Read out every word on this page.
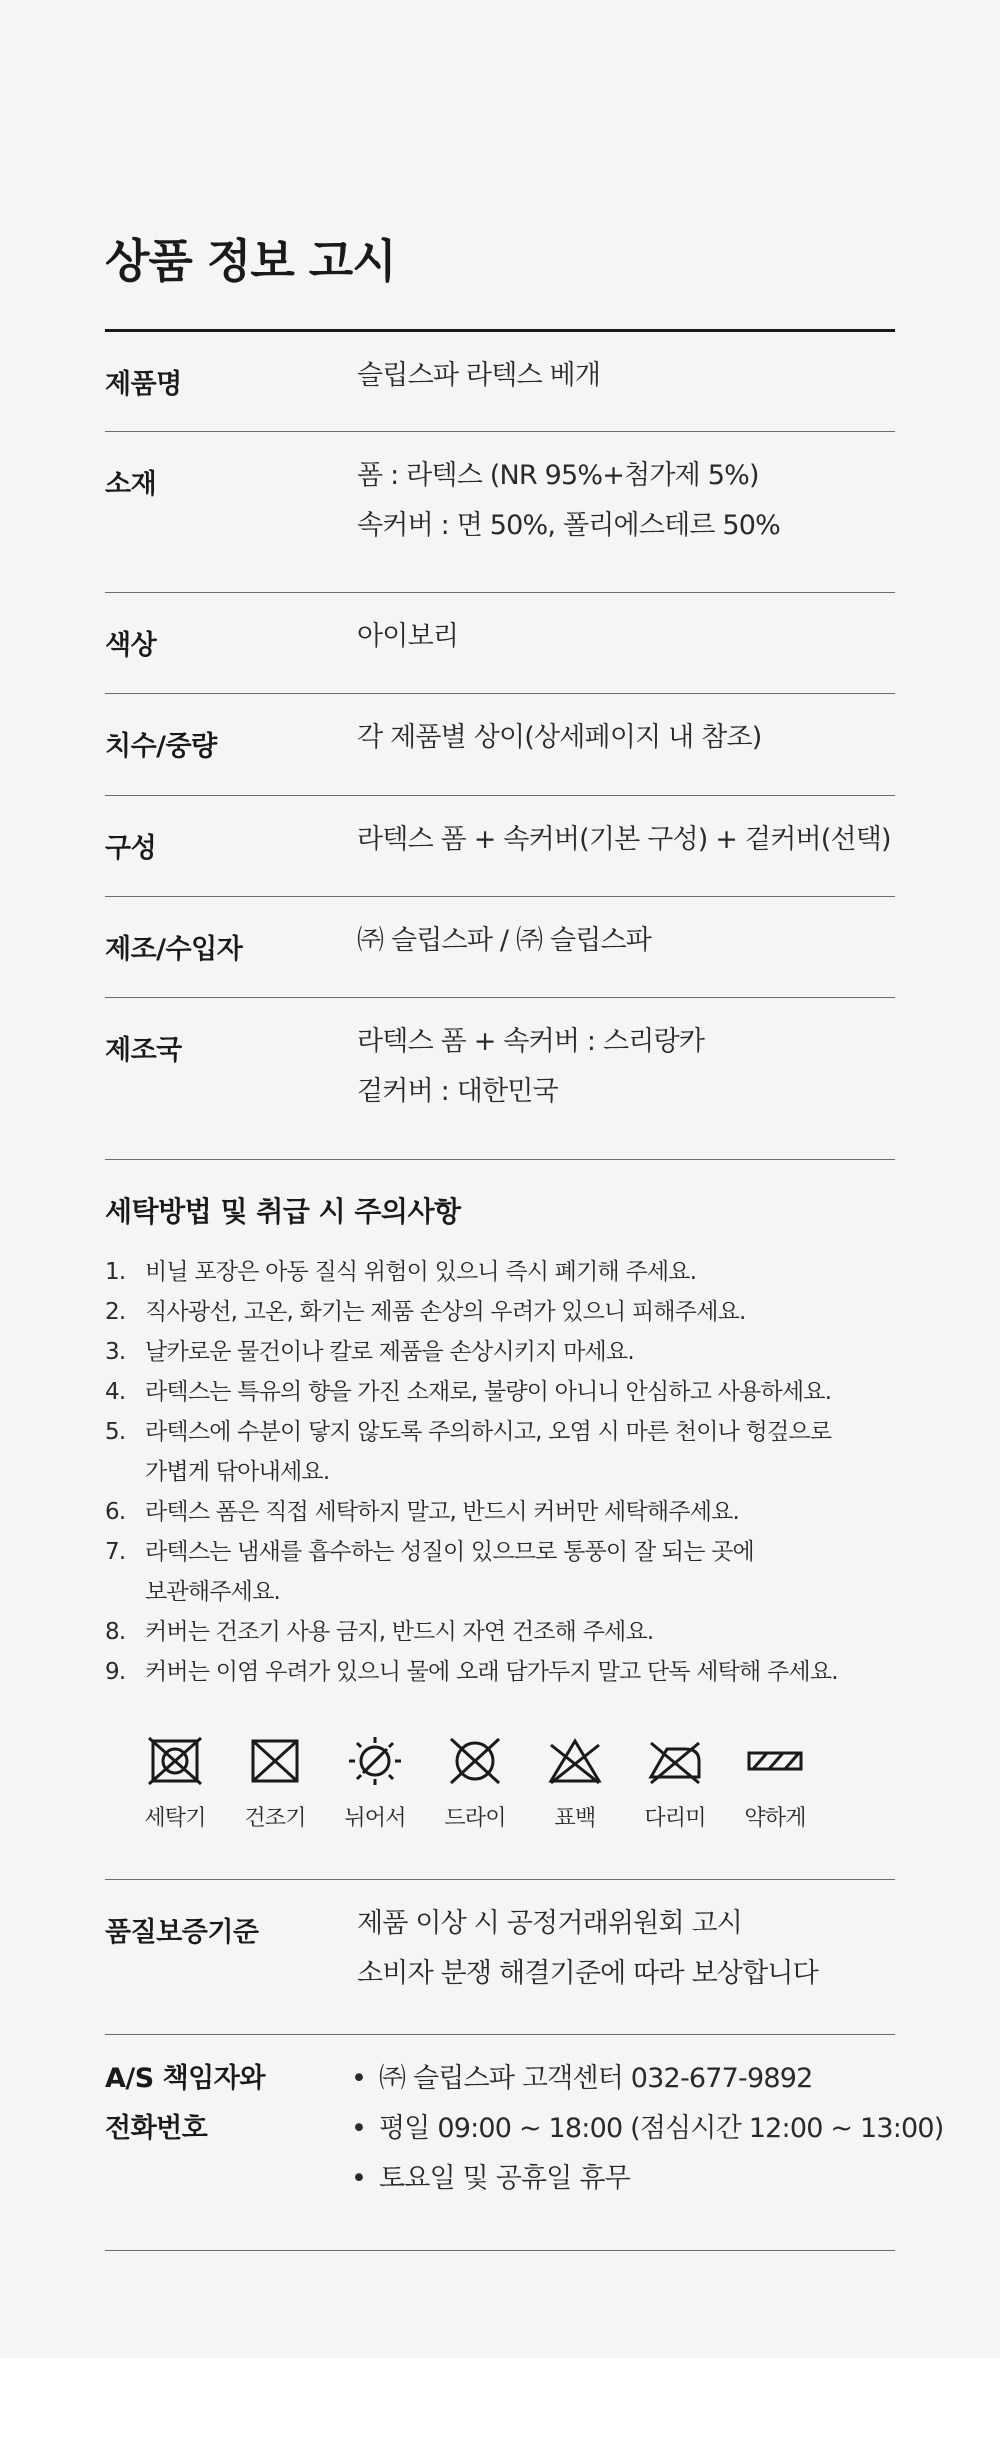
상품 정보 고시
제품명	슬립스파 라텍스 베개
소재	폼 : 라텍스 (NR 95%+첨가제 5%)
속커버 : 면 50%, 폴리에스테르 50%
색상	아이보리
치수/중량	각 제품별 상이(상세페이지 내 참조)
구성	라텍스 폼 + 속커버(기본 구성) + 겉커버(선택)
제조/수입자	㈜ 슬립스파 / ㈜ 슬립스파
제조국	라텍스 폼 + 속커버 : 스리랑카
겉커버 : 대한민국
세탁방법 및 취급 시 주의사항
1. 비닐 포장은 아동 질식 위험이 있으니 즉시 폐기해 주세요.
2. 직사광선, 고온, 화기는 제품 손상의 우려가 있으니 피해주세요.
3. 날카로운 물건이나 칼로 제품을 손상시키지 마세요.
4. 라텍스는 특유의 향을 가진 소재로, 불량이 아니니 안심하고 사용하세요.
5. 라텍스에 수분이 닿지 않도록 주의하시고, 오염 시 마른 천이나 헝겊으로
가볍게 닦아내세요.
6. 라텍스 폼은 직접 세탁하지 말고, 반드시 커버만 세탁해주세요.
7. 라텍스는 냄새를 흡수하는 성질이 있으므로 통풍이 잘 되는 곳에
보관해주세요.
8. 커버는 건조기 사용 금지, 반드시 자연 건조해 주세요.
9. 커버는 이염 우려가 있으니 물에 오래 담가두지 말고 단독 세탁해 주세요.
세탁기	건조기	뉘어서	드라이	표백	다리미	약하게
품질보증기준	제품 이상 시 공정거래위원회 고시
소비자 분쟁 해결기준에 따라 보상합니다
A/S 책임자와
전화번호
• ㈜ 슬립스파 고객센터 032-677-9892
• 평일 09:00 ~ 18:00 (점심시간 12:00 ~ 13:00)
• 토요일 및 공휴일 휴무
